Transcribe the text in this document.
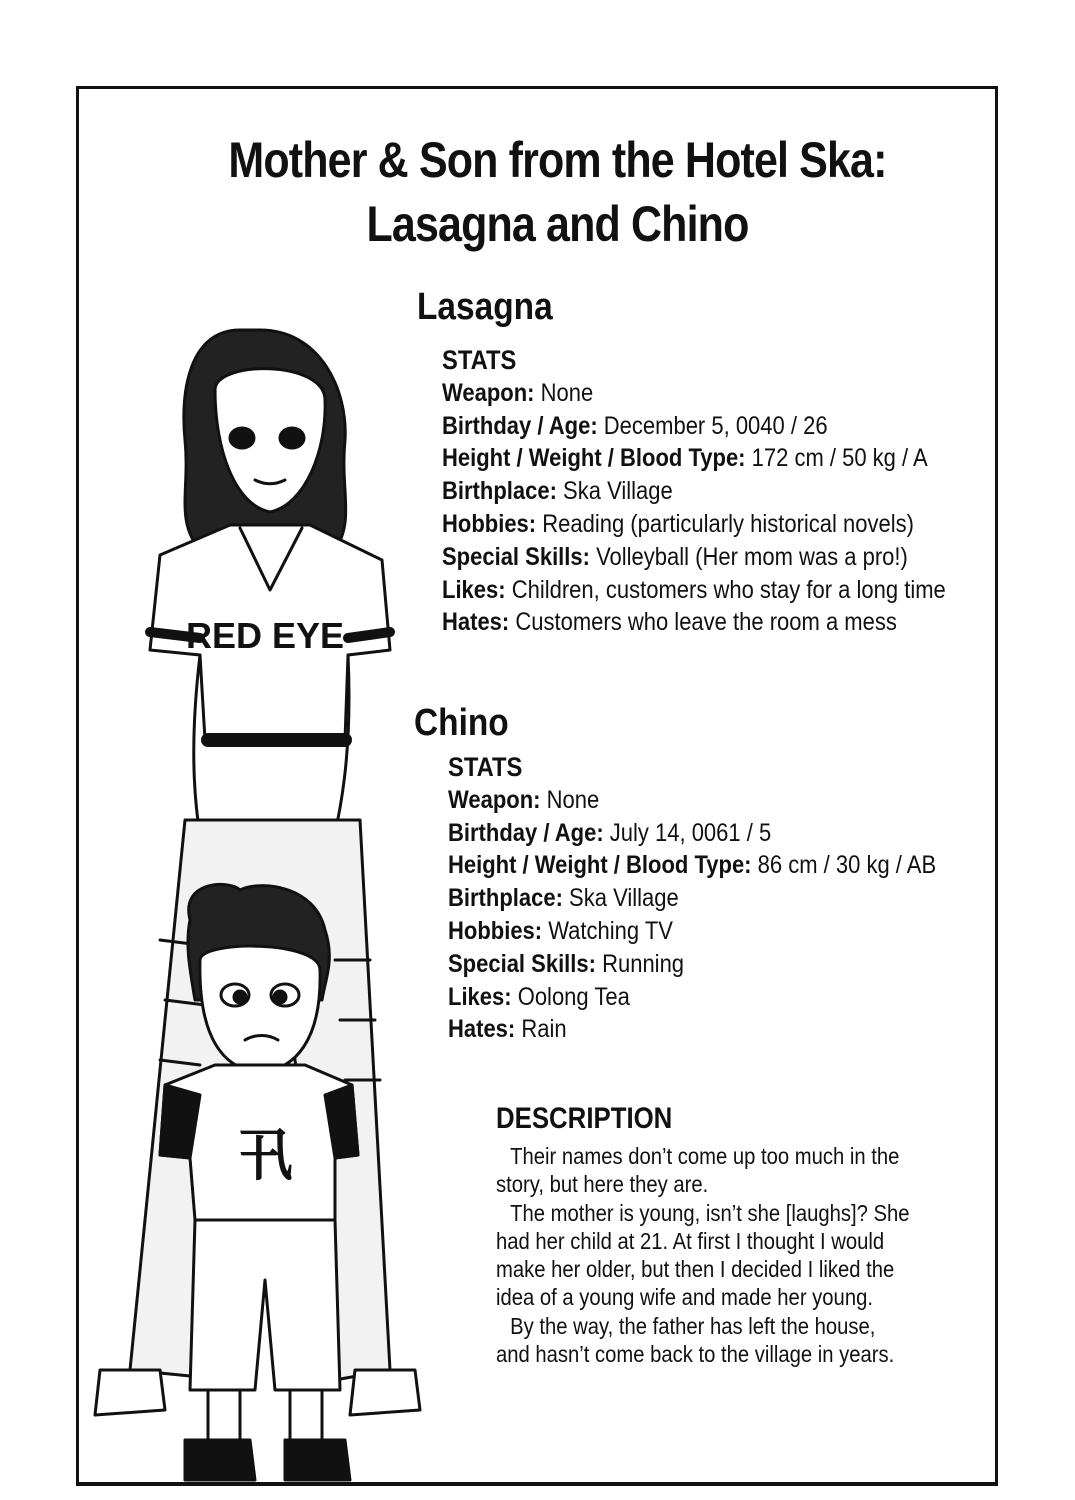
Mother & Son from the Hotel Ska:
Lasagna and Chino
RED EYE
卂
Lasagna
STATS
Weapon: None
Birthday / Age: December 5, 0040 / 26
Height / Weight / Blood Type: 172 cm / 50 kg / A
Birthplace: Ska Village
Hobbies: Reading (particularly historical novels)
Special Skills: Volleyball (Her mom was a pro!)
Likes: Children, customers who stay for a long time
Hates: Customers who leave the room a mess
Chino
STATS
Weapon: None
Birthday / Age: July 14, 0061 / 5
Height / Weight / Blood Type: 86 cm / 30 kg / AB
Birthplace: Ska Village
Hobbies: Watching TV
Special Skills: Running
Likes: Oolong Tea
Hates: Rain
DESCRIPTION
Their names don’t come up too much in the
story, but here they are.
The mother is young, isn’t she [laughs]? She
had her child at 21. At first I thought I would
make her older, but then I decided I liked the
idea of a young wife and made her young.
By the way, the father has left the house,
and hasn’t come back to the village in years.
